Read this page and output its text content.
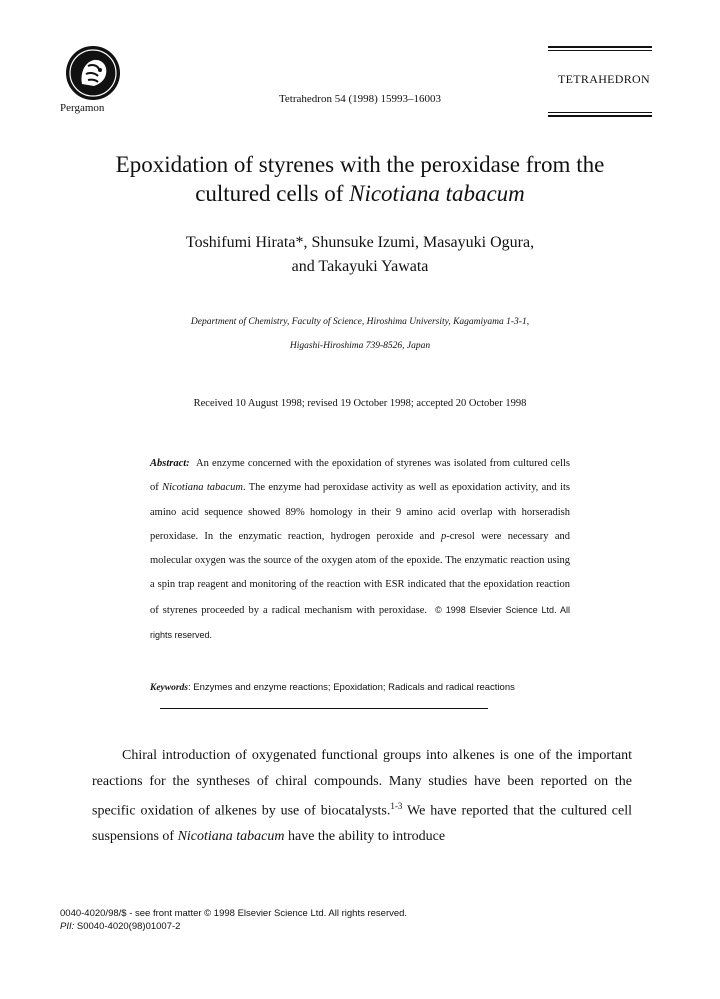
Pergamon
Tetrahedron 54 (1998) 15993–16003
TETRAHEDRON
Epoxidation of styrenes with the peroxidase from the
cultured cells of Nicotiana tabacum
Toshifumi Hirata*, Shunsuke Izumi, Masayuki Ogura,
and Takayuki Yawata
Department of Chemistry, Faculty of Science, Hiroshima University, Kagamiyama 1-3-1,
Higashi-Hiroshima 739-8526, Japan
Received 10 August 1998; revised 19 October 1998; accepted 20 October 1998
Abstract: An enzyme concerned with the epoxidation of styrenes was isolated from cultured cells of Nicotiana tabacum. The enzyme had peroxidase activity as well as epoxidation activity, and its amino acid sequence showed 89% homology in their 9 amino acid overlap with horseradish peroxidase. In the enzymatic reaction, hydrogen peroxide and p-cresol were necessary and molecular oxygen was the source of the oxygen atom of the epoxide. The enzymatic reaction using a spin trap reagent and monitoring of the reaction with ESR indicated that the epoxidation reaction of styrenes proceeded by a radical mechanism with peroxidase. © 1998 Elsevier Science Ltd. All rights reserved.
Keywords: Enzymes and enzyme reactions; Epoxidation; Radicals and radical reactions

Chiral introduction of oxygenated functional groups into alkenes is one of the important reactions for the syntheses of chiral compounds. Many studies have been reported on the specific oxidation of alkenes by use of biocatalysts.$^{1-3}$ We have reported that the cultured cell suspensions of Nicotiana tabacum have the ability to introduce

0040-4020/98/$ - see front matter © 1998 Elsevier Science Ltd. All rights reserved.
PII: S0040-4020(98)01007-2
